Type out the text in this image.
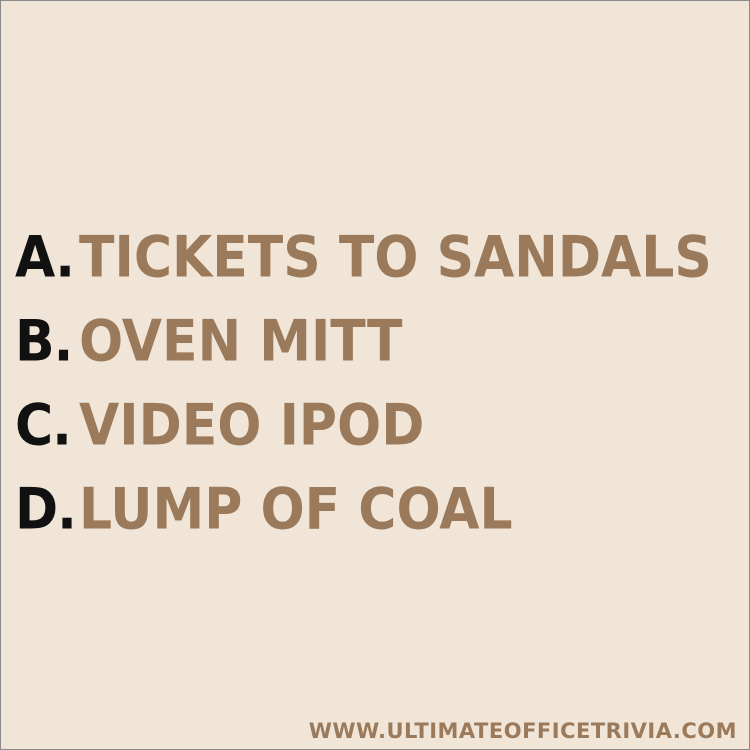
A. TICKETS TO SANDALS
B. OVEN MITT
C. VIDEO IPOD
D. LUMP OF COAL
WWW.ULTIMATEOFFICETRIVIA.COM
